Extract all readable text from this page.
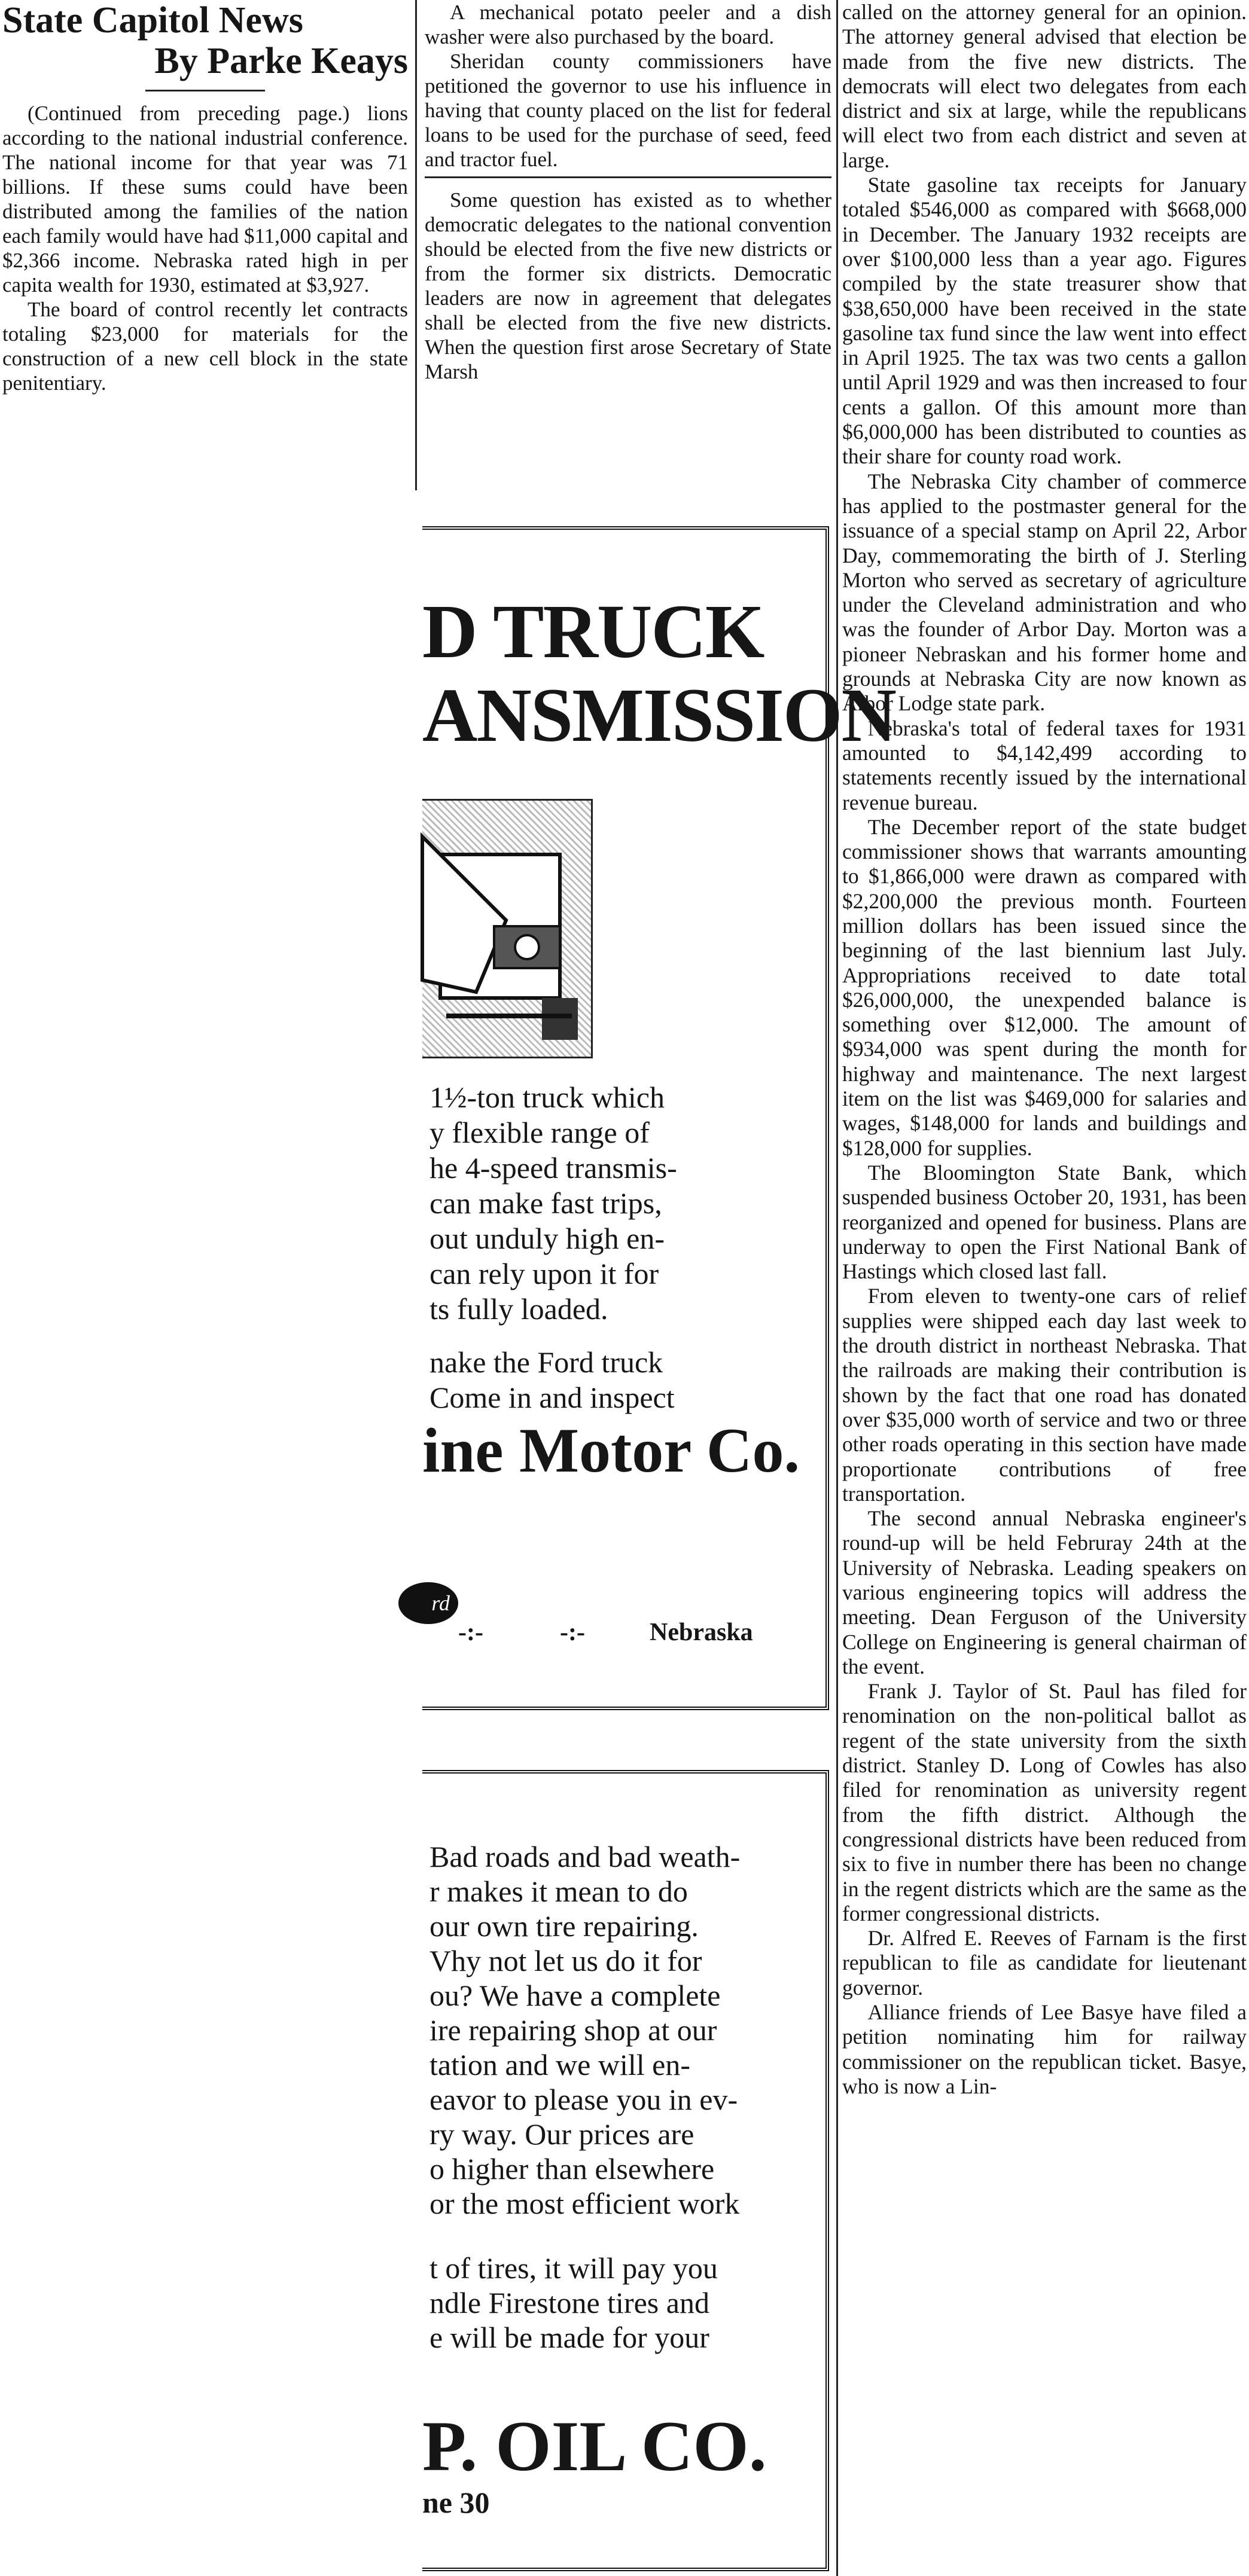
State Capitol News
By Parke Keays

(Continued from preceding page.) lions according to the national industrial conference. The national income for that year was 71 billions. If these sums could have been distributed among the families of the nation each family would have had $11,000 capital and $2,366 income. Nebraska rated high in per capita wealth for 1930, estimated at $3,927.

The board of control recently let contracts totaling $23,000 for materials for the construction of a new cell block in the state penitentiary.

A mechanical potato peeler and a dish washer were also purchased by the board.

Sheridan county commissioners have petitioned the governor to use his influence in having that county placed on the list for federal loans to be used for the purchase of seed, feed and tractor fuel.

Some question has existed as to whether democratic delegates to the national convention should be elected from the five new districts or from the former six districts. Democratic leaders are now in agreement that delegates shall be elected from the five new districts. When the question first arose Secretary of State Marsh

called on the attorney general for an opinion. The attorney general advised that election be made from the five new districts. The democrats will elect two delegates from each district and six at large, while the republicans will elect two from each district and seven at large.

State gasoline tax receipts for January totaled $546,000 as compared with $668,000 in December. The January 1932 receipts are over $100,000 less than a year ago. Figures compiled by the state treasurer show that $38,650,000 have been received in the state gasoline tax fund since the law went into effect in April 1925. The tax was two cents a gallon until April 1929 and was then increased to four cents a gallon. Of this amount more than $6,000,000 has been distributed to counties as their share for county road work.

The Nebraska City chamber of commerce has applied to the postmaster general for the issuance of a special stamp on April 22, Arbor Day, commemorating the birth of J. Sterling Morton who served as secretary of agriculture under the Cleveland administration and who was the founder of Arbor Day. Morton was a pioneer Nebraskan and his former home and grounds at Nebraska City are now known as Arbor Lodge state park.

Nebraska's total of federal taxes for 1931 amounted to $4,142,499 according to statements recently issued by the international revenue bureau.

The December report of the state budget commissioner shows that warrants amounting to $1,866,000 were drawn as compared with $2,200,000 the previous month. Fourteen million dollars has been issued since the beginning of the last biennium last July. Appropriations received to date total $26,000,000, the unexpended balance is something over $12,000. The amount of $934,000 was spent during the month for highway and maintenance. The next largest item on the list was $469,000 for salaries and wages, $148,000 for lands and buildings and $128,000 for supplies.

The Bloomington State Bank, which suspended business October 20, 1931, has been reorganized and opened for business. Plans are underway to open the First National Bank of Hastings which closed last fall.

From eleven to twenty-one cars of relief supplies were shipped each day last week to the drouth district in northeast Nebraska. That the railroads are making their contribution is shown by the fact that one road has donated over $35,000 worth of service and two or three other roads operating in this section have made proportionate contributions of free transportation.

The second annual Nebraska engineer's round-up will be held Februray 24th at the University of Nebraska. Leading speakers on various engineering topics will address the meeting. Dean Ferguson of the University College on Engineering is general chairman of the event.

Frank J. Taylor of St. Paul has filed for renomination on the non-political ballot as regent of the state university from the sixth district. Stanley D. Long of Cowles has also filed for renomination as university regent from the fifth district. Although the congressional districts have been reduced from six to five in number there has been no change in the regent districts which are the same as the former congressional districts.

Dr. Alfred E. Reeves of Farnam is the first republican to file as candidate for lieutenant governor.

Alliance friends of Lee Basye have filed a petition nominating him for railway commissioner on the republican ticket. Basye, who is now a Lin-

D TRUCK

ANSMISSION

1½-ton truck which

y flexible range of

he 4-speed transmis-

can make fast trips,

out unduly high en-

can rely upon it for

ts fully loaded.

nake the Ford truck

Come in and inspect

ine Motor Co.

rd
-:-	-:-	Nebraska

Bad roads and bad weath-

r makes it mean to do

our own tire repairing.

Vhy not let us do it for

ou? We have a complete

ire repairing shop at our

tation and we will en-

eavor to please you in ev-

ry way. Our prices are

o higher than elsewhere

or the most efficient work

t of tires, it will pay you

ndle Firestone tires and

e will be made for your

P. OIL CO.

ne 30
